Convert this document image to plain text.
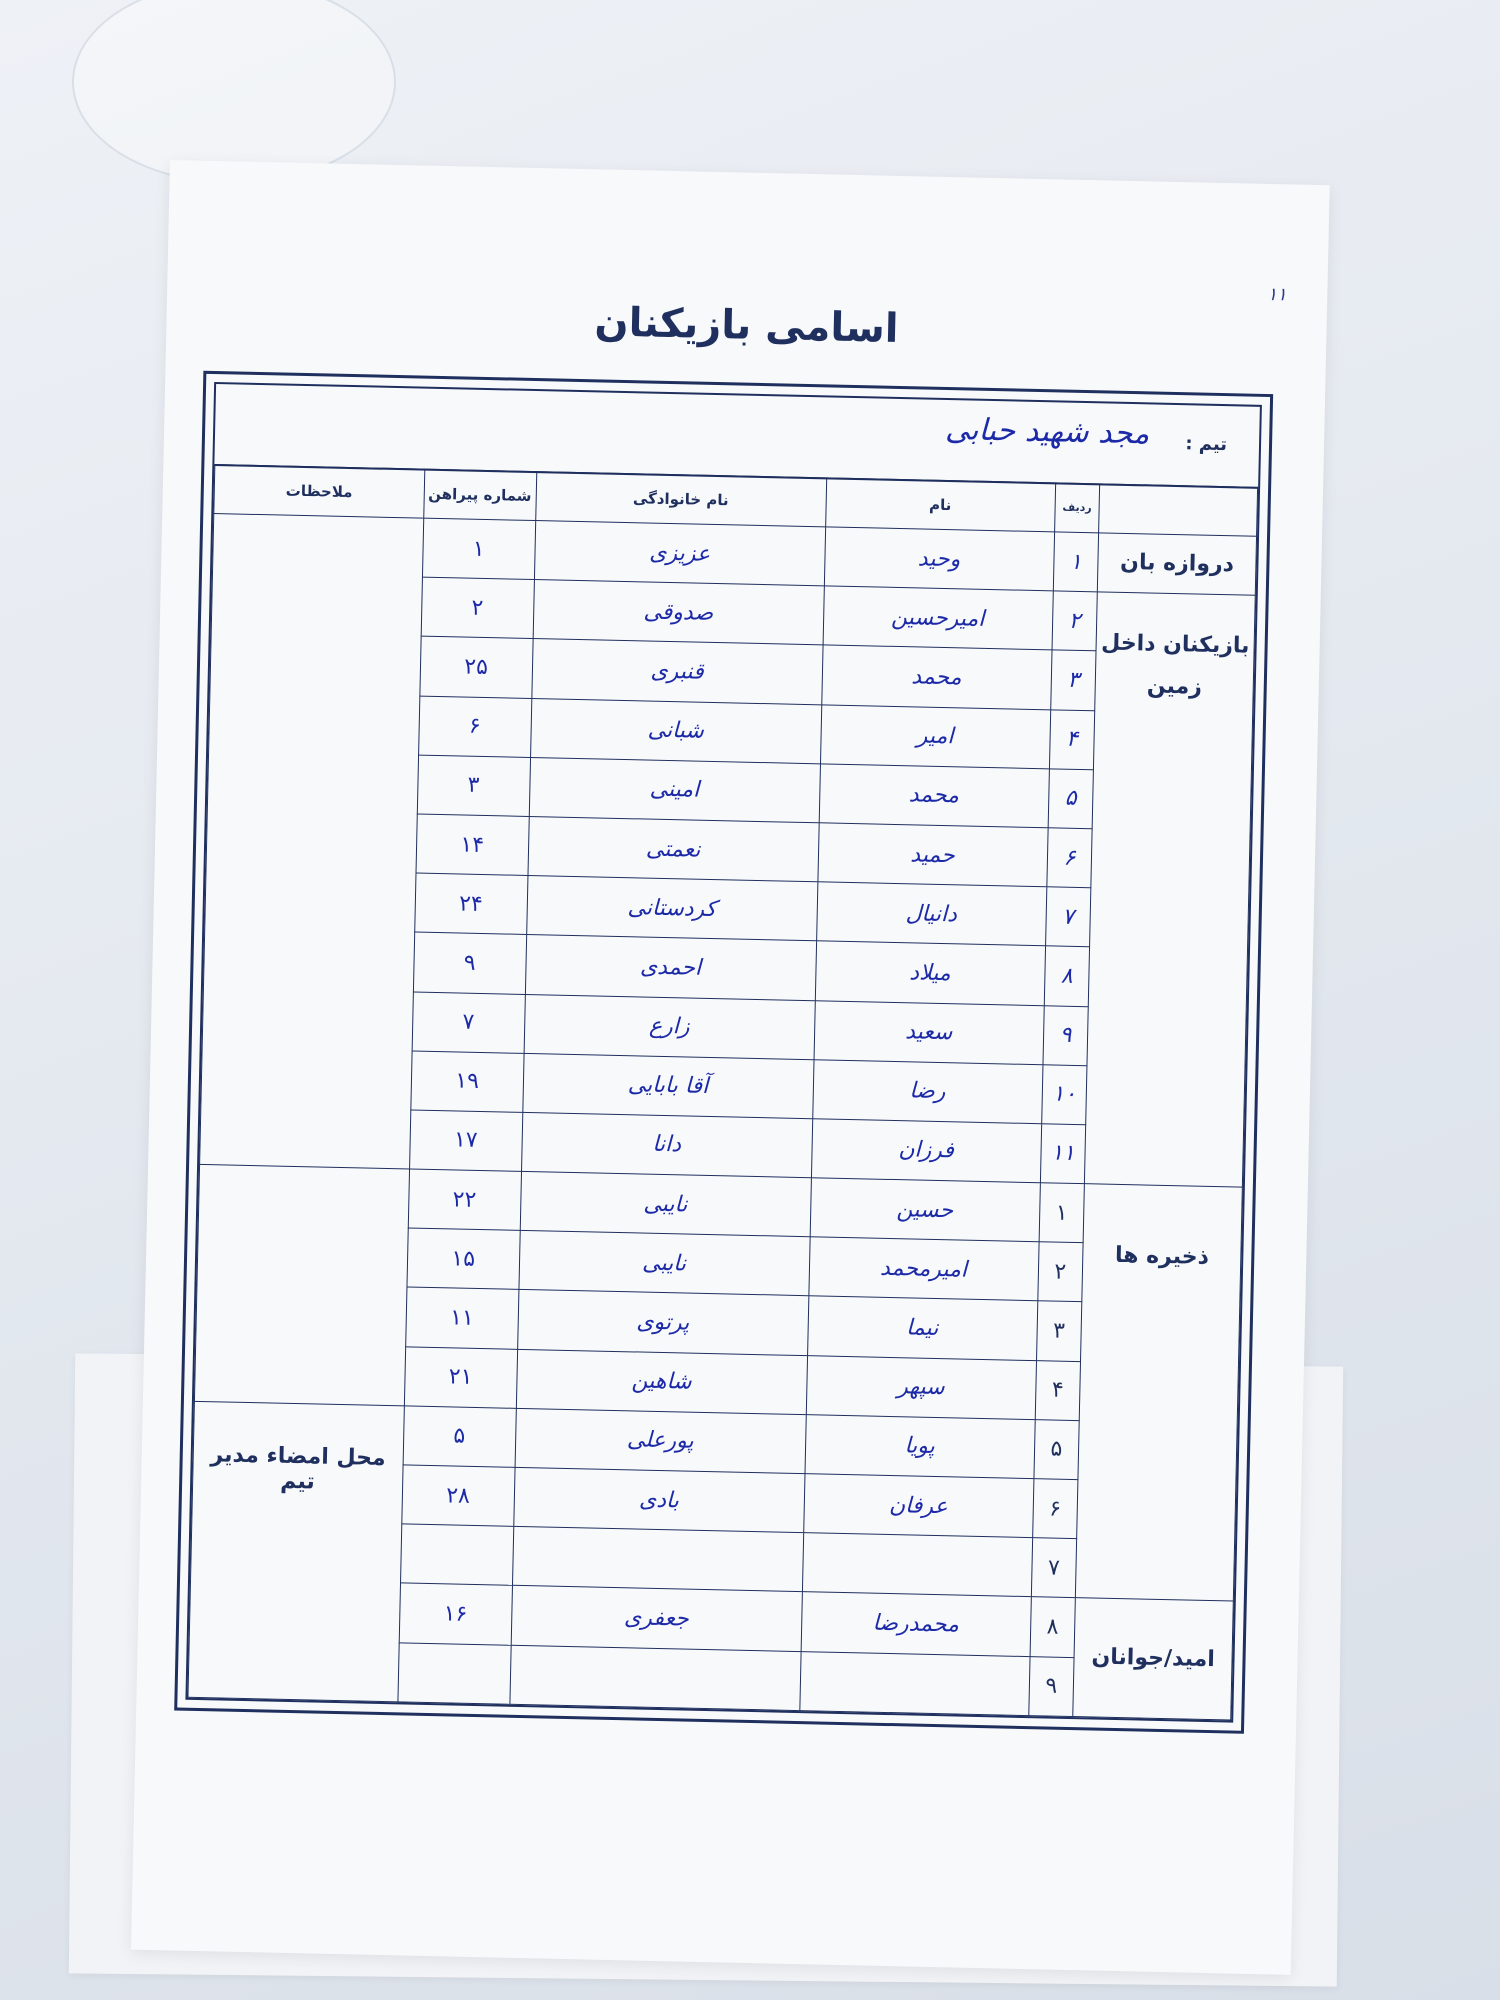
۱۱
اسامی بازیکنان
تیم :
مجد شهید حبابی
	ردیف	نام	نام خانوادگی	شماره پیراهن	ملاحظات
دروازه بان	۱	وحید	عزیزی	۱	
بازیکنان داخل زمین	۲	امیرحسین	صدوقی	۲	
	۳	محمد	قنبری	۲۵	
	۴	امیر	شبانی	۶	
	۵	محمد	امینی	۳	
	۶	حمید	نعمتی	۱۴	
	۷	دانیال	کردستانی	۲۴	
	۸	میلاد	احمدی	۹	
	۹	سعید	زارع	۷	
	۱۰	رضا	آقا بابایی	۱۹	
	۱۱	فرزان	دانا	۱۷	
ذخیره ها	۱	حسین	نایبی	۲۲	
	۲	امیرمحمد	نایبی	۱۵	
	۳	نیما	پرتوی	۱۱	
	۴	سپهر	شاهین	۲۱	
	۵	پویا	پورعلی	۵	محل امضاء مدیر تیم
	۶	عرفان	بادی	۲۸	
	۷				
امید/جوانان	۸	محمدرضا	جعفری	۱۶	
	۹				
